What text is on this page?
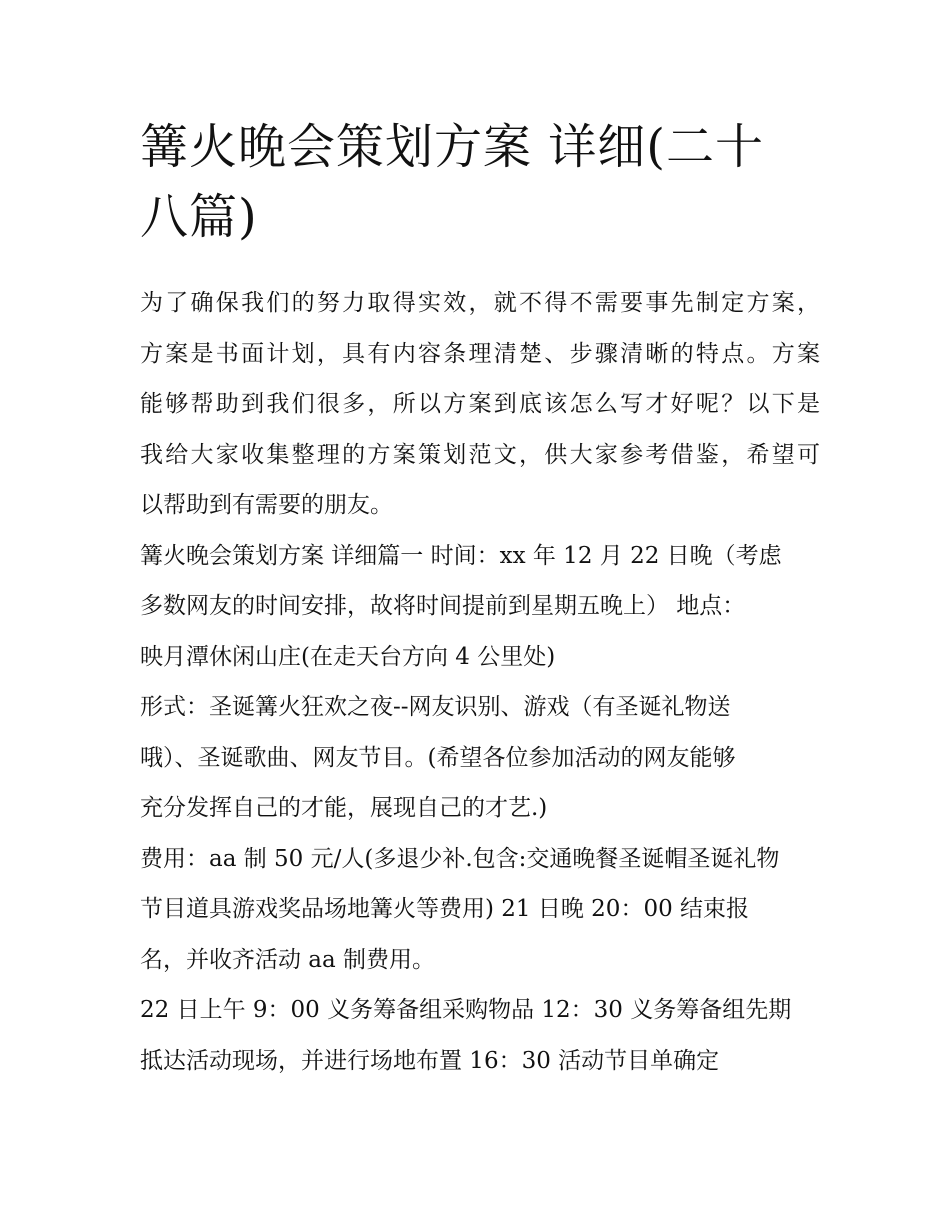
篝火晚会策划方案 详细(二十
八篇)

为了确保我们的努力取得实效，就不得不需要事先制定方案，
方案是书面计划，具有内容条理清楚、步骤清晰的特点。方案
能够帮助到我们很多，所以方案到底该怎么写才好呢？以下是
我给大家收集整理的方案策划范文，供大家参考借鉴，希望可
以帮助到有需要的朋友。

篝火晚会策划方案 详细篇一 时间：xx 年 12 月 22 日晚（考虑
多数网友的时间安排，故将时间提前到星期五晚上） 地点：
映月潭休闲山庄(在走天台方向 4 公里处)

形式：圣诞篝火狂欢之夜--网友识别、游戏（有圣诞礼物送
哦）、圣诞歌曲、网友节目。(希望各位参加活动的网友能够
充分发挥自己的才能，展现自己的才艺.)

费用：aa 制 50 元/人(多退少补.包含:交通晚餐圣诞帽圣诞礼物
节目道具游戏奖品场地篝火等费用) 21 日晚 20：00 结束报
名，并收齐活动 aa 制费用。

22 日上午 9：00 义务筹备组采购物品 12：30 义务筹备组先期
抵达活动现场，并进行场地布置 16：30 活动节目单确定
